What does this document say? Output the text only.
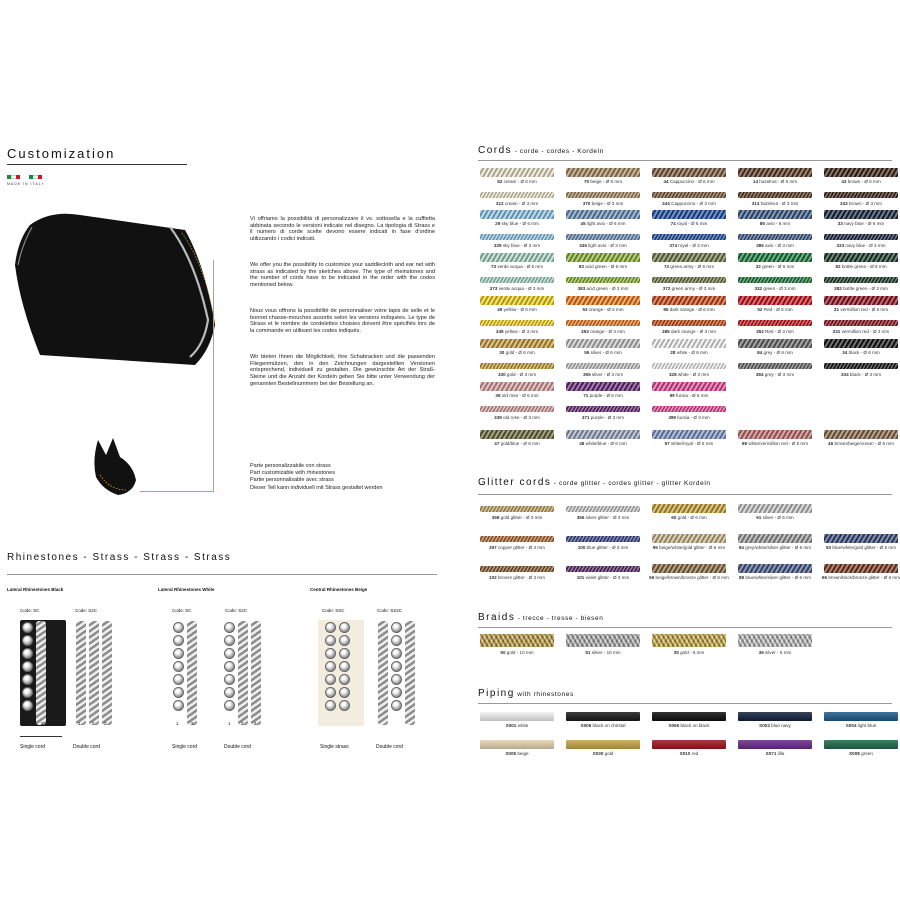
Customization
MADE IN ITALY
Vi offriamo la possibilità di personalizzare il vs. sottosella e la cuffietta abbinata secondo le versioni indicate nel disegno. La tipologia di Strass e il numero di corde scelte devono essere indicati in fase d'ordine utilizzando i codici indicati.
We offer you the possibility to customize your saddlecloth and ear net with strass as indicated by the sketches above. The type of rheinstones and the number of cords have to be indicated in the order with the codes mentioned below.
Nous vous offrons la possibilité de personnaliser votre tapis de selle et le bonnet chasse-mouches assortis selon les versions indiquées. Le type de Strass et le nombre de cordelettes choisies doivent être spécifiés lors de la commande en utilisant les codes indiqués.
Wir bieten Ihnen die Möglichkeit, ihre Schabracken und die passenden Fliegenmützen, den in den Zeichnungen dargestellten Versionen entsprechend, individuell zu gestalten. Die gewünschte Art der Straß-Steine und die Anzahl der Kordeln geben Sie bitte unter Verwendung der genannten Bestellnummern bei der Bestellung an.
Parte personalizzabile con strass
Part customizable with rhinestones
Partie personnalisable avec strass
Dieser Teil kann individuell mit Strass gestaltet werden
Rhinestones - Strass - Strass - Strass
Lateral Rhinestones Black
Code: SC	Code: S2C
1	2	1	2 2
Single cord	Double cord
Lateral Rhinestones White
Code: SC	Code: S2C
1	2	1 2 2
Single cord	Double cord
Central Rhinestones Beige
Code: SSC	Code: SS2C
Single strass	Double cord
Cords - corde - cordes - Kordeln
52 cream - Ø 6 mm	70 beige - Ø 6 mm	44 Cappuccino - Ø 6 mm	14 hazelnut - Ø 6 mm	43 brown - Ø 6 mm
312 cream - Ø 3 mm	370 beige - Ø 3 mm	344 Cappuccino - Ø 3 mm	314 hazelnut - Ø 3 mm	343 brown - Ø 3 mm
29 sky blue - Ø 6 mm	45 light avio - Ø 6 mm	74 royal - Ø 6 mm	86 avio - 6 mm	33 navy blue - Ø 6 mm
329 sky blue - Ø 3 mm	345 light avio - Ø 3 mm	374 royal - Ø 3 mm	386 avio - Ø 3 mm	333 navy blue - Ø 3 mm
73 verde acqua - Ø 6 mm	83 acid green - Ø 6 mm	72 green army - Ø 6 mm	32 green - Ø 6 mm	82 bottle green - Ø 6 mm
373 verde acqua - Ø 3 mm	383 acid green - Ø 3 mm	372 green army - Ø 3 mm	332 green - Ø 3 mm	382 bottle green - Ø 3 mm
49 yellow - Ø 6 mm	53 orange - Ø 6 mm	85 dark orange - Ø 6 mm	52 Red - Ø 6 mm	31 vermillion red - Ø 6 mm
349 yellow - Ø 3 mm	353 orange - Ø 3 mm	385 dark orange - Ø 3 mm	352 Red - Ø 3 mm	331 vermillion red - Ø 3 mm
30 gold - Ø 6 mm	55 silver - Ø 6 mm	28 white - Ø 6 mm	84 grey - Ø 6 mm	34 black - Ø 6 mm
330 gold - Ø 3 mm	355 silver - Ø 3 mm	328 white - Ø 3 mm	384 grey - Ø 3 mm	334 black - Ø 3 mm
39 old rose - Ø 6 mm	71 purple - Ø 6 mm	99 fucsia - Ø 6 mm
339 old rose - Ø 3 mm	371 purple - Ø 3 mm	399 fucsia - Ø 3 mm
47 gold/blue - Ø 6 mm	48 white/blue - Ø 6 mm	97 white/royal - Ø 6 mm	98 white/vermillion red - Ø 6 mm	46 brown/beige/cream - Ø 6 mm
Glitter cords - corde glitter - cordes glitter - glitter Kordeln
358 gold glitter - Ø 3 mm	356 silver glitter - Ø 3 mm	60 gold - Ø 6 mm	61 silver - Ø 6 mm
357 copper glitter - Ø 3 mm	100 blue glitter - Ø 3 mm	95 beige/white/gold glitter - Ø 6 mm	94 grey/white/silver glitter - Ø 6 mm	93 blue/white/gold glitter - Ø 6 mm
102 bronze glitter - Ø 3 mm	101 violet glitter - Ø 3 mm	56 beige/brown/bronze glitter - Ø 6 mm	88 blue/white/silver glitter - Ø 6 mm	96 brown/brick/bronze glitter - Ø 6 mm
Braids - trecce - tresse - biesen
50 gold - 10 mm	51 silver - 10 mm	35 gold - 6 mm	36 silver - 6 mm
Piping with rhinestones
S001 white	S006 black on christal	S066 black on black	S002 blue navy	S004 light blue
S005 beige	S030 gold	S010 red	S071 lilla	S008 green
